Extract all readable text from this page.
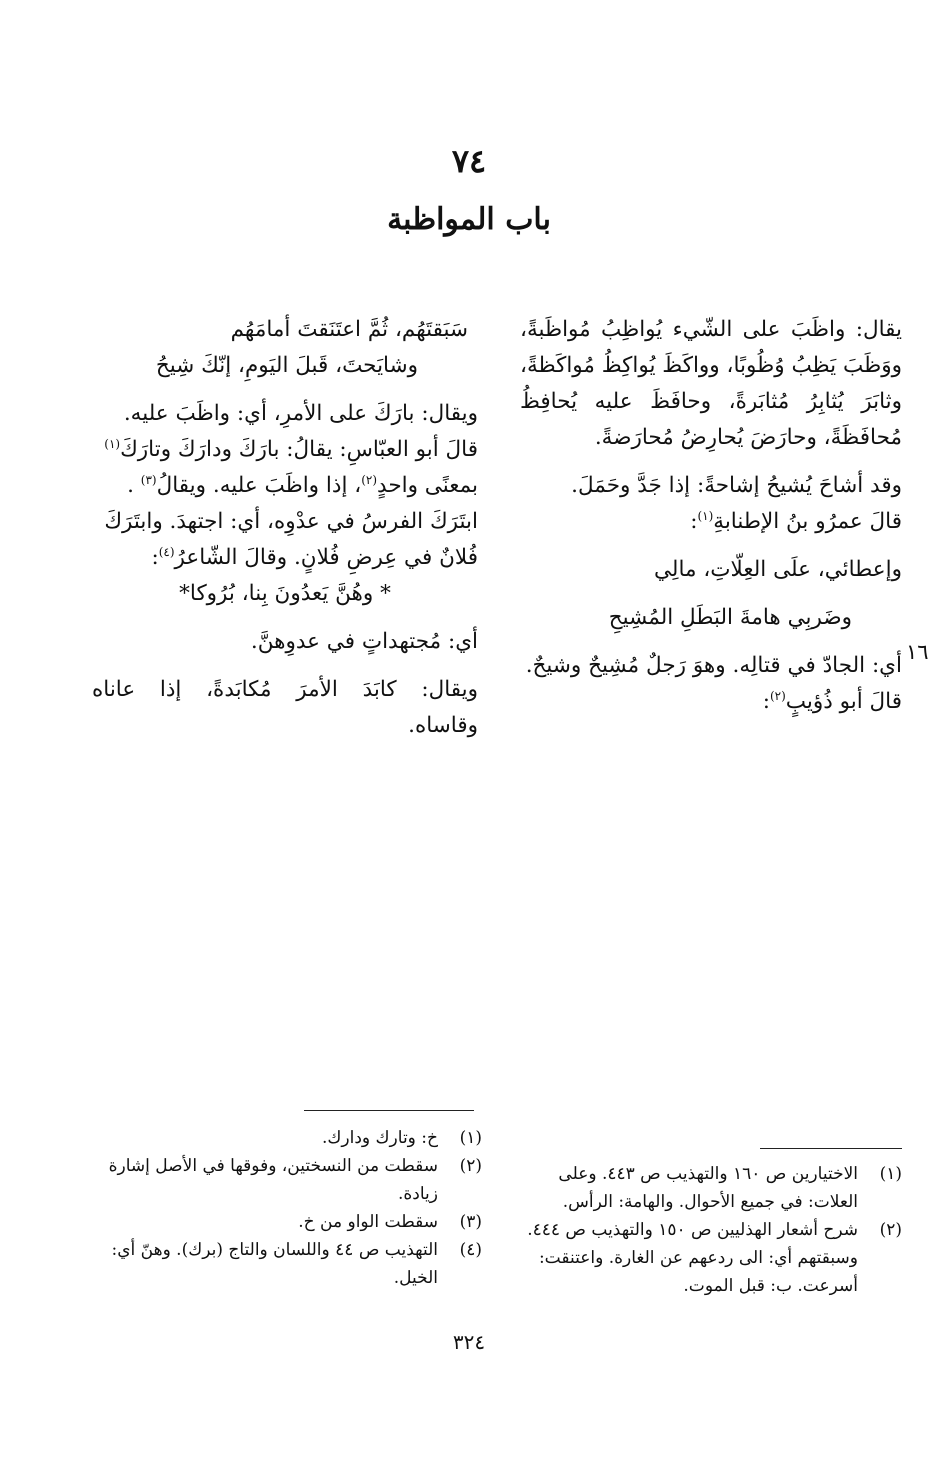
٧٤
باب المواظبة
يقال: واظَبَ على الشّيء يُواظِبُ مُواظَبةً،
ووَظَبَ يَظِبُ وُظُوبًا، وواكَظَ يُواكِظُ مُواكَظةً،
وثابَرَ يُثابِرُ مُثابَرةً، وحافَظَ عليه يُحافِظُ
مُحافَظَةً، وحارَضَ يُحارِضُ مُحارَضةً.
وقد أشاحَ يُشيحُ إشاحةً: إذا جَدَّ وحَمَلَ.
قالَ عمرُو بنُ الإطنابةِ$^{(١)}$:
وإعطائي، علَى العِلّاتِ، مالِي
وضَربِي هامةَ البَطَلِ المُشِيحِ
أي: الجادّ في قتالِه. وهوَ رَجلٌ مُشِيحٌ وشيحٌ.
قالَ أبو ذُؤيبٍ$^{(٢)}$:
١٦
سَبَقتَهُم، ثُمَّ اعتَنَقتَ أمامَهُم
وشايَحتَ، قَبلَ اليَومِ، إنّكَ شِيحُ
ويقال: بارَكَ على الأمرِ، أي: واظَبَ عليه.
قالَ أبو العبّاسِ: يقالُ: بارَكَ ودارَكَ وتارَكَ$^{(١)}$
بمعنًى واحدٍ$^{(٢)}$، إذا واظَبَ عليه. ويقالُ$^{(٣)}$ .
ابتَرَكَ الفرسُ في عدْوِه، أي: اجتهدَ. وابتَرَكَ
فُلانٌ في عِرضِ فُلانٍ. وقالَ الشّاعرُ$^{(٤)}$:
* وهُنَّ يَعدُونَ بِنا، بُرُوكا*
أي: مُجتهداتٍ في عدوِهنَّ.
ويقال: كابَدَ الأمرَ مُكابَدةً، إذا عاناه
وقاساه.
(١)
خ: وتارك ودارك.
(٢)
سقطت من النسختين، وفوقها في الأصل إشارة
زيادة.
(٣)
سقطت الواو من خ.
(٤)
التهذيب ص ٤٤ واللسان والتاج (برك). وهنّ أي:
الخيل.
(١)
الاختيارين ص ١٦٠ والتهذيب ص ٤٤٣. وعلى
العلات: في جميع الأحوال. والهامة: الرأس.
(٢)
شرح أشعار الهذليين ص ١٥٠ والتهذيب ص ٤٤٤.
وسبقتهم أي: الى ردعهم عن الغارة. واعتنقت:
أسرعت. ب: قبل الموت.
٣٢٤
